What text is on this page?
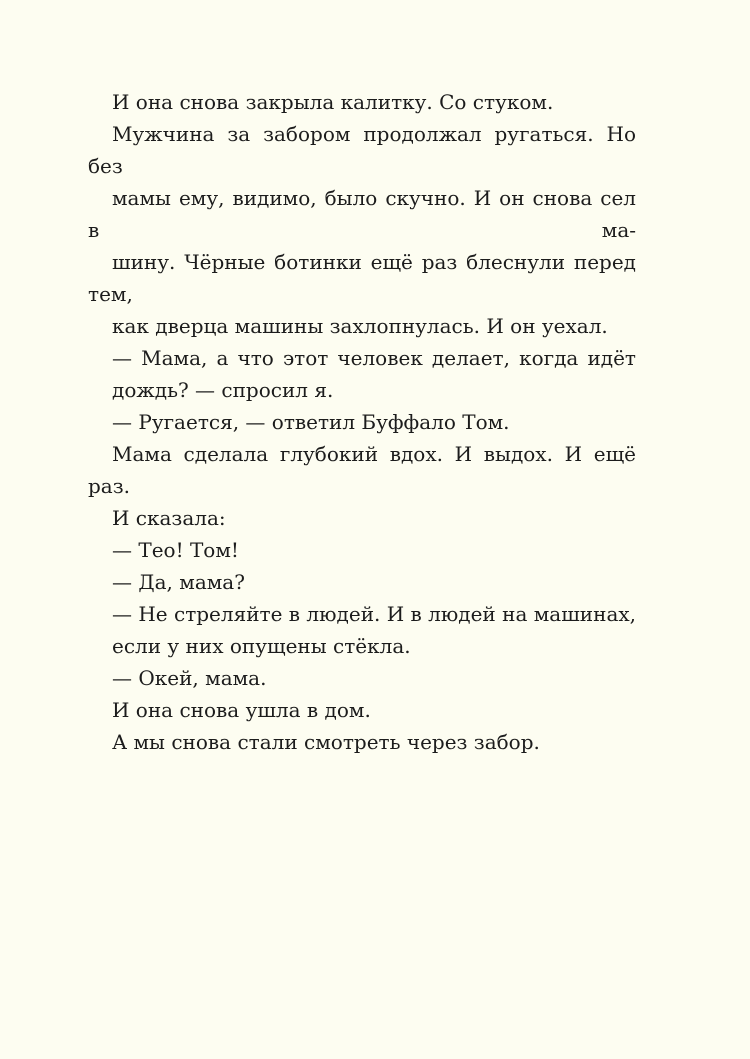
И она снова закрыла калитку. Со стуком.

Мужчина за забором продолжал ругаться. Но без
мамы ему, видимо, было скучно. И он снова сел в ма-
шину. Чёрные ботинки ещё раз блеснули перед тем,
как дверца машины захлопнулась. И он уехал.

— Мама, а что этот человек делает, когда идёт
дождь? — спросил я.

— Ругается, — ответил Буффало Том.

Мама сделала глубокий вдох. И выдох. И ещё раз.
И сказала:

— Тео! Том!

— Да, мама?

— Не стреляйте в людей. И в людей на машинах,
если у них опущены стёкла.

— Окей, мама.

И она снова ушла в дом.

А мы снова стали смотреть через забор.
